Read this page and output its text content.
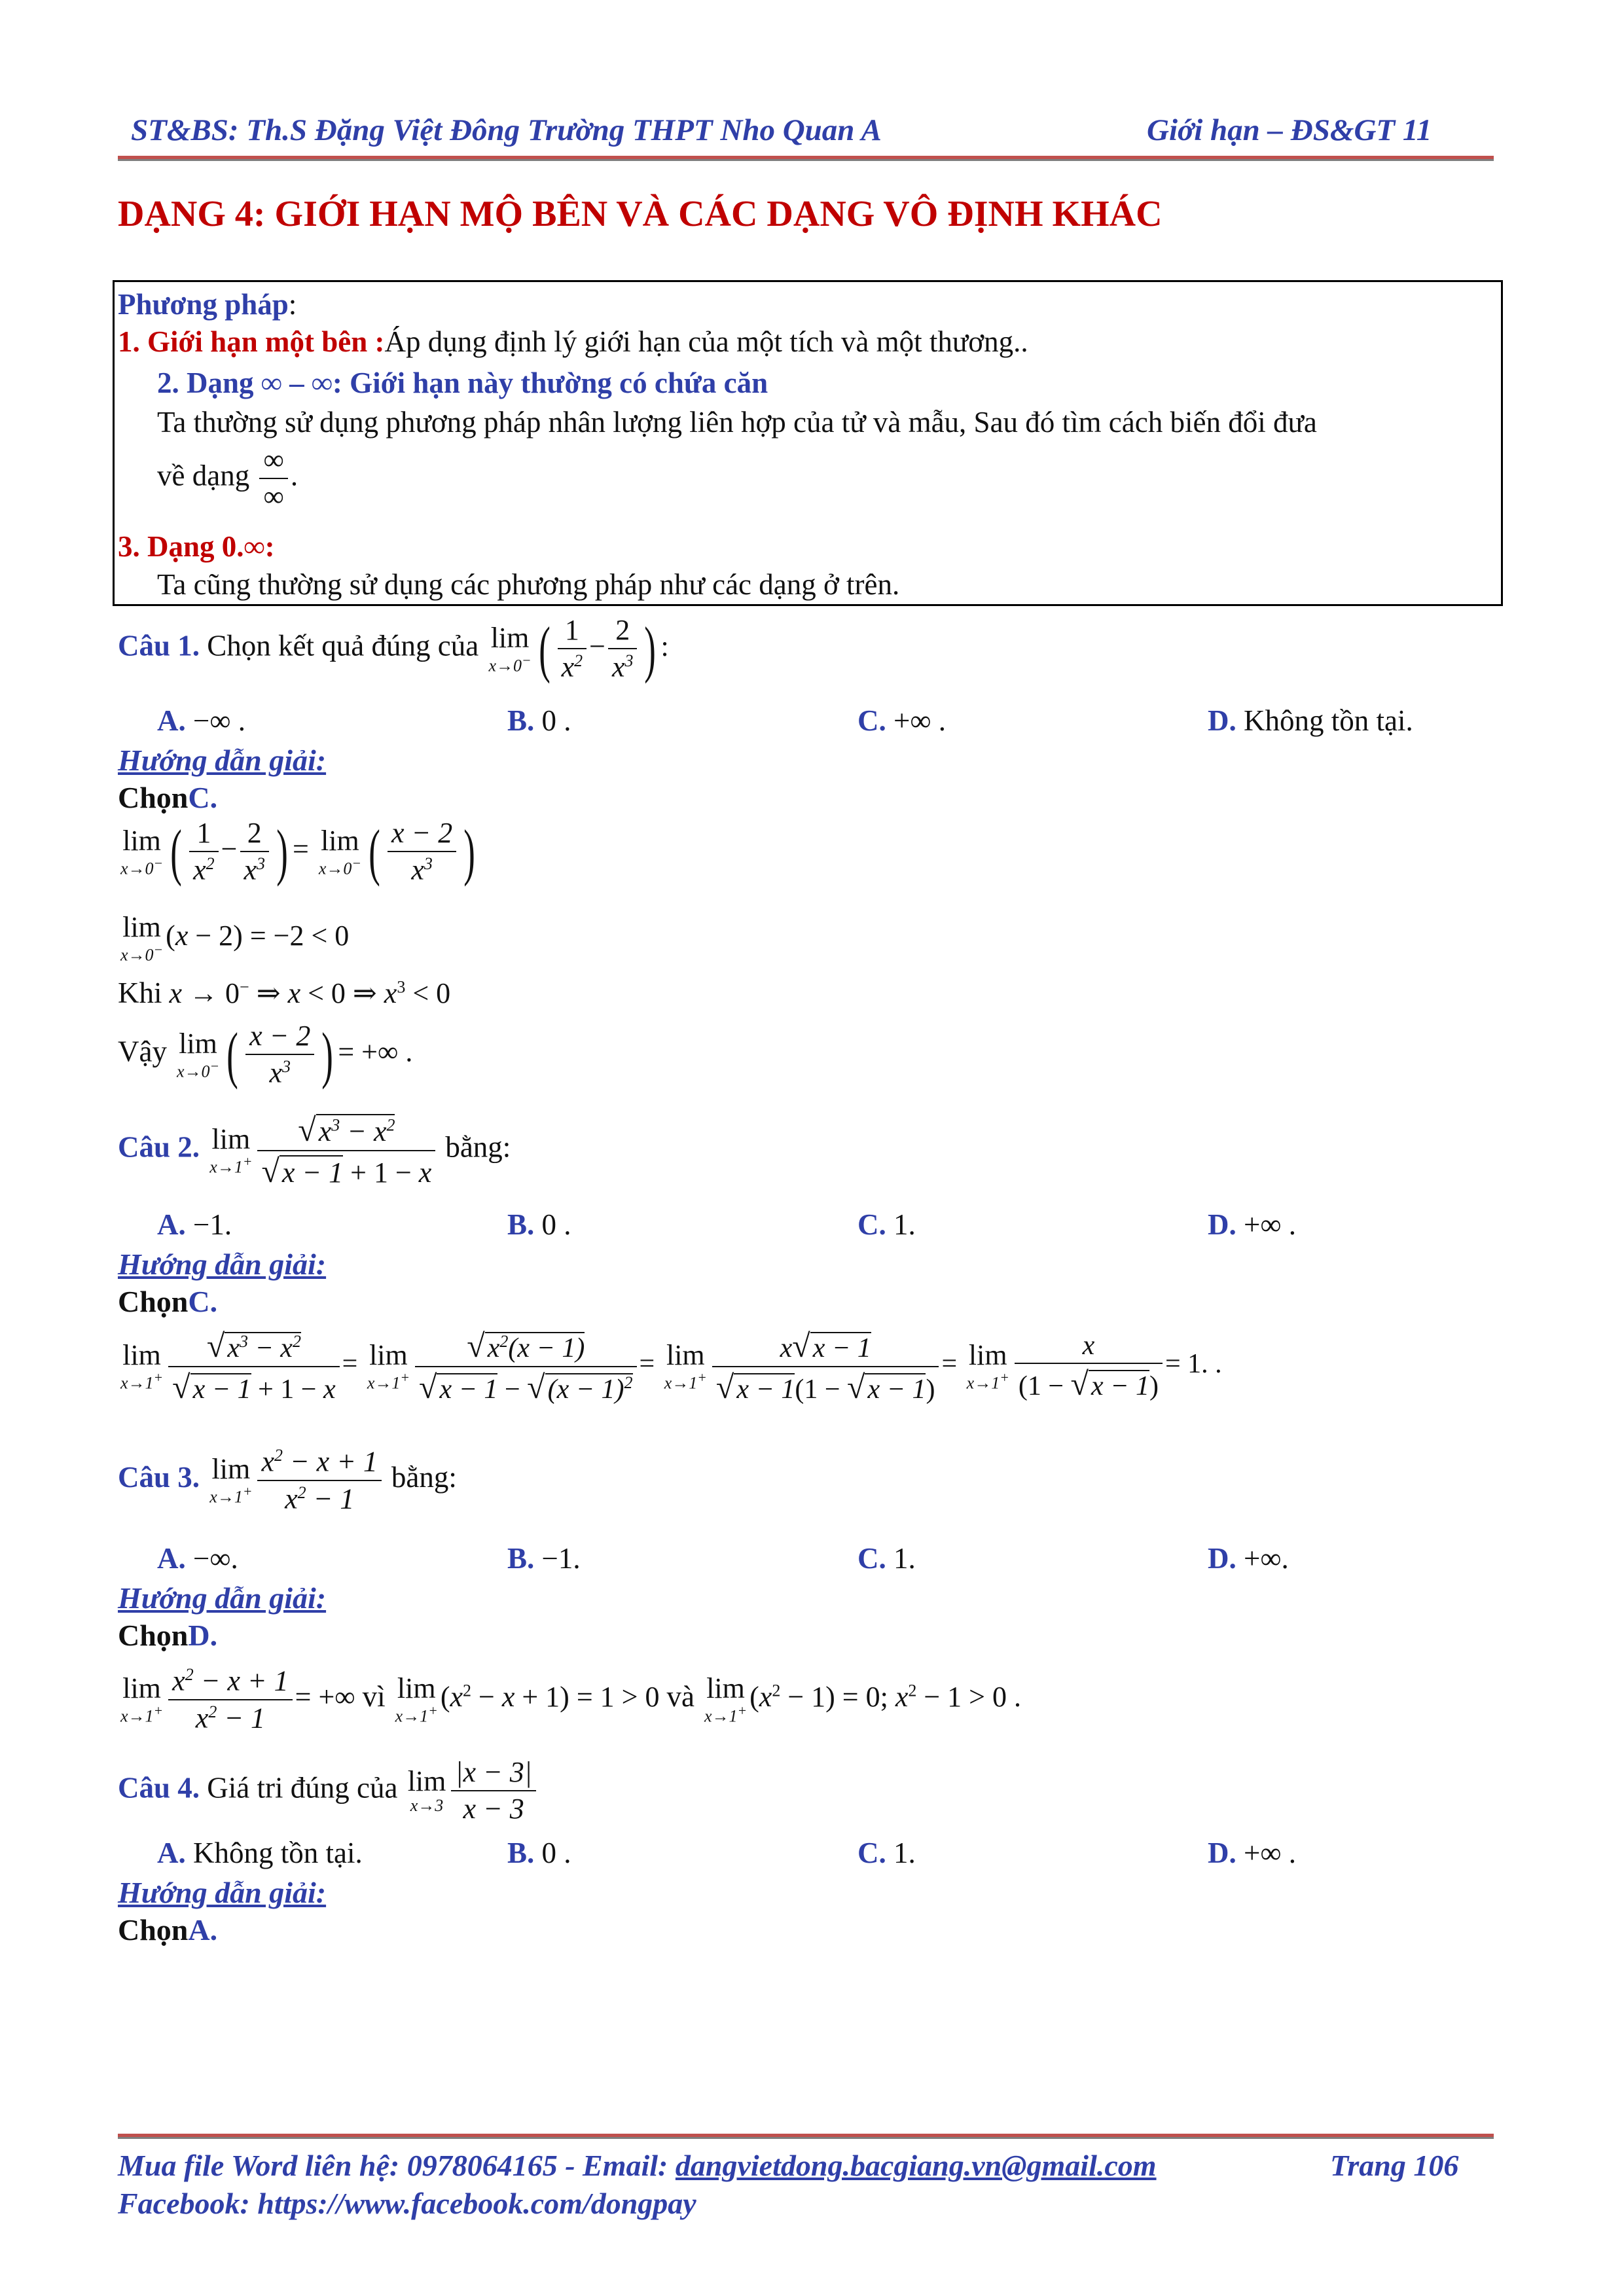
ST&BS: Th.S Đặng Việt Đông Trường THPT Nho Quan A	Giới hạn – ĐS&GT 11
DẠNG 4: GIỚI HẠN MỘ BÊN VÀ CÁC DẠNG VÔ ĐỊNH KHÁC
Phương pháp:
1. Giới hạn một bên :Áp dụng định lý giới hạn của một tích và một thương..
2. Dạng ∞ – ∞: Giới hạn này thường có chứa căn
Ta thường sử dụng phương pháp nhân lượng liên hợp của tử và mẫu, Sau đó tìm cách biến đổi đưa
về dạng $\frac{\infty}{\infty}$ .
3. Dạng 0.∞:
Ta cũng thường sử dụng các phương pháp như các dạng ở trên.
Câu 1. Chọn kết quả đúng của lim
x→0− ( $\frac{1}{x^2} - \frac{2}{x^3}$ ) :
A. −∞ .	B. 0 .	C. +∞ .	D. Không tồn tại.
Hướng dẫn giải:
ChọnC.
lim
x→0− ( $\frac{1}{x^2} - \frac{2}{x^3}$ ) = lim
x→0− ( $\frac{x - 2}{x^3}$ )
lim
x→0− (x − 2) = −2 < 0
Khi x → 0− ⇒ x < 0 ⇒ $x^3 < 0$
Vậy lim
x→0− ( $\frac{x - 2}{x^3}$ ) = +∞ .
Câu 2. lim
$x\to 1^+ \frac{√x^3 - x^2}{√x - 1 + 1 - x}$ bằng:
A. −1.	B. 0 .	C. 1.	D. +∞ .
Hướng dẫn giải:
ChọnC.
lim
$x\to 1^+ \frac{√x^3 - x^2}{√x - 1 + 1 - x} = \lim$
$x\to 1^+ \frac{√x^2(x - 1)}{√x - 1 - √(x - 1)^2} = \lim$
$x\to 1^+ \frac{x√x - 1}{√x - 1(1 - √x - 1)} = \lim$
$x\to 1^+ \frac{x}{(1 - √x - 1)} = 1$. .
Câu 3. lim
$x\to 1^+ \frac{x^2 - x + 1}{x^2 - 1}$ bằng:
A. −∞.	B. −1.	C. 1.	D. +∞.
Hướng dẫn giải:
ChọnD.
lim
$x\to 1^+ \frac{x^2 - x + 1}{x^2 - 1}$ = +∞ vì lim
x→1+ $(x^2 - x + 1) = 1 > 0$ và lim
x→1+ $(x^2 - 1) = 0$; $x^2 - 1 > 0$ .
Câu 4. Giá tri đúng của lim
$x\to 3 \frac{|x - 3|}{x - 3}$
A. Không tồn tại.	B. 0 .	C. 1.	D. +∞ .
Hướng dẫn giải:
ChọnA.
Mua file Word liên hệ: 0978064165 - Email: dangvietdong.bacgiang.vn@gmail.com	Trang 106
Facebook: https://www.facebook.com/dongpay
